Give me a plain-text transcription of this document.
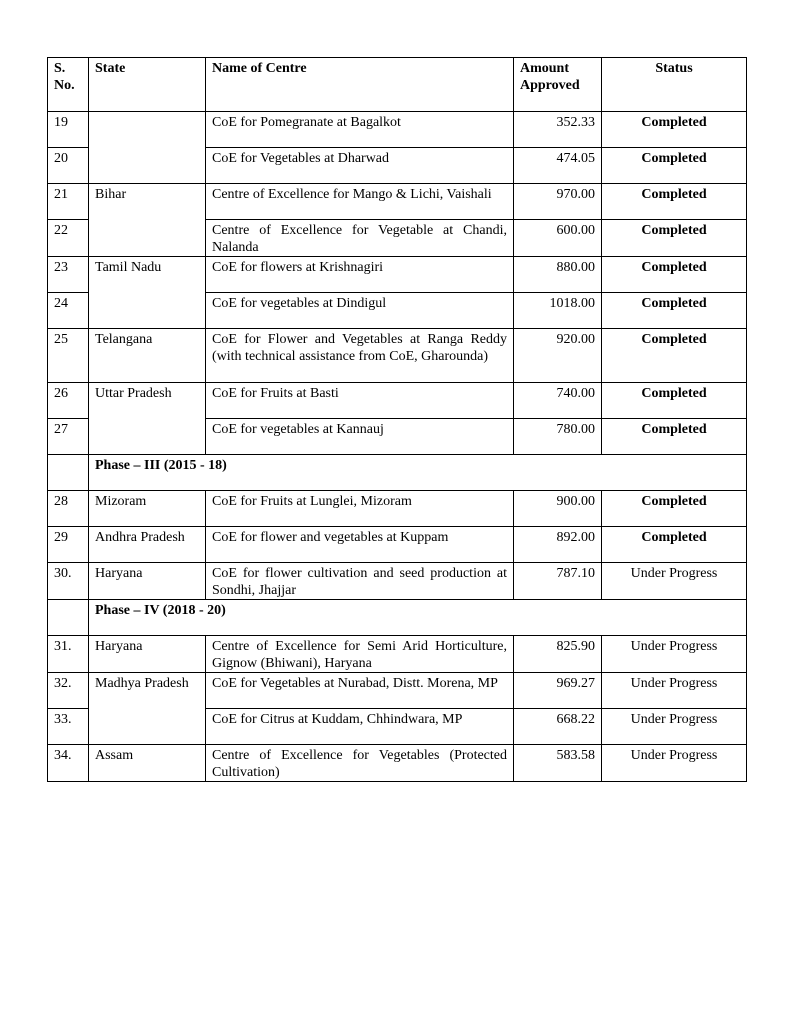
S. No.	State	Name of Centre	Amount Approved	Status
19		CoE for Pomegranate at Bagalkot	352.33	Completed
20		CoE for Vegetables at Dharwad	474.05	Completed
21	Bihar	Centre of Excellence for Mango & Lichi, Vaishali	970.00	Completed
22		Centre of Excellence for Vegetable at Chandi, Nalanda	600.00	Completed
23	Tamil Nadu	CoE for flowers at Krishnagiri	880.00	Completed
24		CoE for vegetables at Dindigul	1018.00	Completed
25	Telangana	CoE for Flower and Vegetables at Ranga Reddy (with technical assistance from CoE, Gharounda)	920.00	Completed
26	Uttar Pradesh	CoE for Fruits at Basti	740.00	Completed
27		CoE for vegetables at Kannauj	780.00	Completed
	Phase – III (2015 - 18)			
28	Mizoram	CoE for Fruits at Lunglei, Mizoram	900.00	Completed
29	Andhra Pradesh	CoE for flower and vegetables at Kuppam	892.00	Completed
30.	Haryana	CoE for flower cultivation and seed production at Sondhi, Jhajjar	787.10	Under Progress
	Phase – IV (2018 - 20)			
31.	Haryana	Centre of Excellence for Semi Arid Horticulture, Gignow (Bhiwani), Haryana	825.90	Under Progress
32.	Madhya Pradesh	CoE for Vegetables at Nurabad, Distt. Morena, MP	969.27	Under Progress
33.		CoE for Citrus at Kuddam, Chhindwara, MP	668.22	Under Progress
34.	Assam	Centre of Excellence for Vegetables (Protected Cultivation)	583.58	Under Progress
